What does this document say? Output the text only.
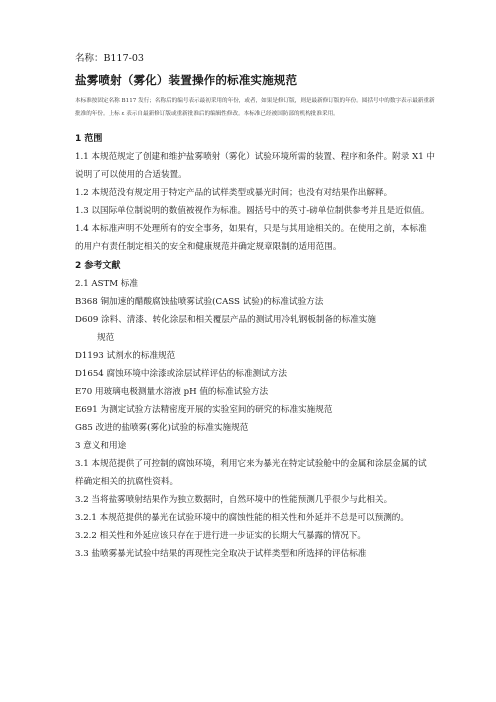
名称：B117-03

盐雾喷射（雾化）装置操作的标准实施规范

本标准按固定名称 B117 发行；名称后的编号表示最初采用的年份，或者，如果是修订版，则是最新修订版的年份。圆括号中的数字表示最新重新批准的年份。上标 ε 表示自最新修订版或重新批准后的编辑性修改。本标准已经被国防部的机构批准采用。

1 范围

1.1 本规范规定了创建和维护盐雾喷射（雾化）试验环境所需的装置、程序和条件。附录 X1 中说明了可以使用的合适装置。

1.2 本规范没有规定用于特定产品的试样类型或暴光时间；也没有对结果作出解释。

1.3 以国际单位制说明的数值被视作为标准。圆括号中的英寸-磅单位制供参考并且是近似值。

1.4 本标准声明不处理所有的安全事务，如果有，只是与其用途相关的。在使用之前，本标准的用户有责任制定相关的安全和健康规范并确定规章限制的适用范围。

2 参考文献

2.1 ASTM 标准

B368 铜加速的醋酸腐蚀盐喷雾试验(CASS 试验)的标准试验方法

D609 涂料、清漆、转化涂层和相关覆层产品的测试用冷轧钢板制备的标准实施

规范

D1193 试剂水的标准规范

D1654 腐蚀环境中涂漆或涂层试样评估的标准测试方法

E70 用玻璃电极测量水溶液 pH 值的标准试验方法

E691 为测定试验方法精密度开展的实验室间的研究的标准实施规范

G85 改进的盐喷雾(雾化)试验的标准实施规范

3 意义和用途

3.1 本规范提供了可控制的腐蚀环境，利用它来为暴光在特定试验舱中的金属和涂层金属的试样确定相关的抗腐性资料。

3.2 当将盐雾喷射结果作为独立数据时，自然环境中的性能预测几乎很少与此相关。

3.2.1 本规范提供的暴光在试验环境中的腐蚀性能的相关性和外延并不总是可以预测的。

3.2.2 相关性和外延应该只存在于进行进一步证实的长期大气暴露的情况下。

3.3 盐喷雾暴光试验中结果的再现性完全取决于试样类型和所选择的评估标准
